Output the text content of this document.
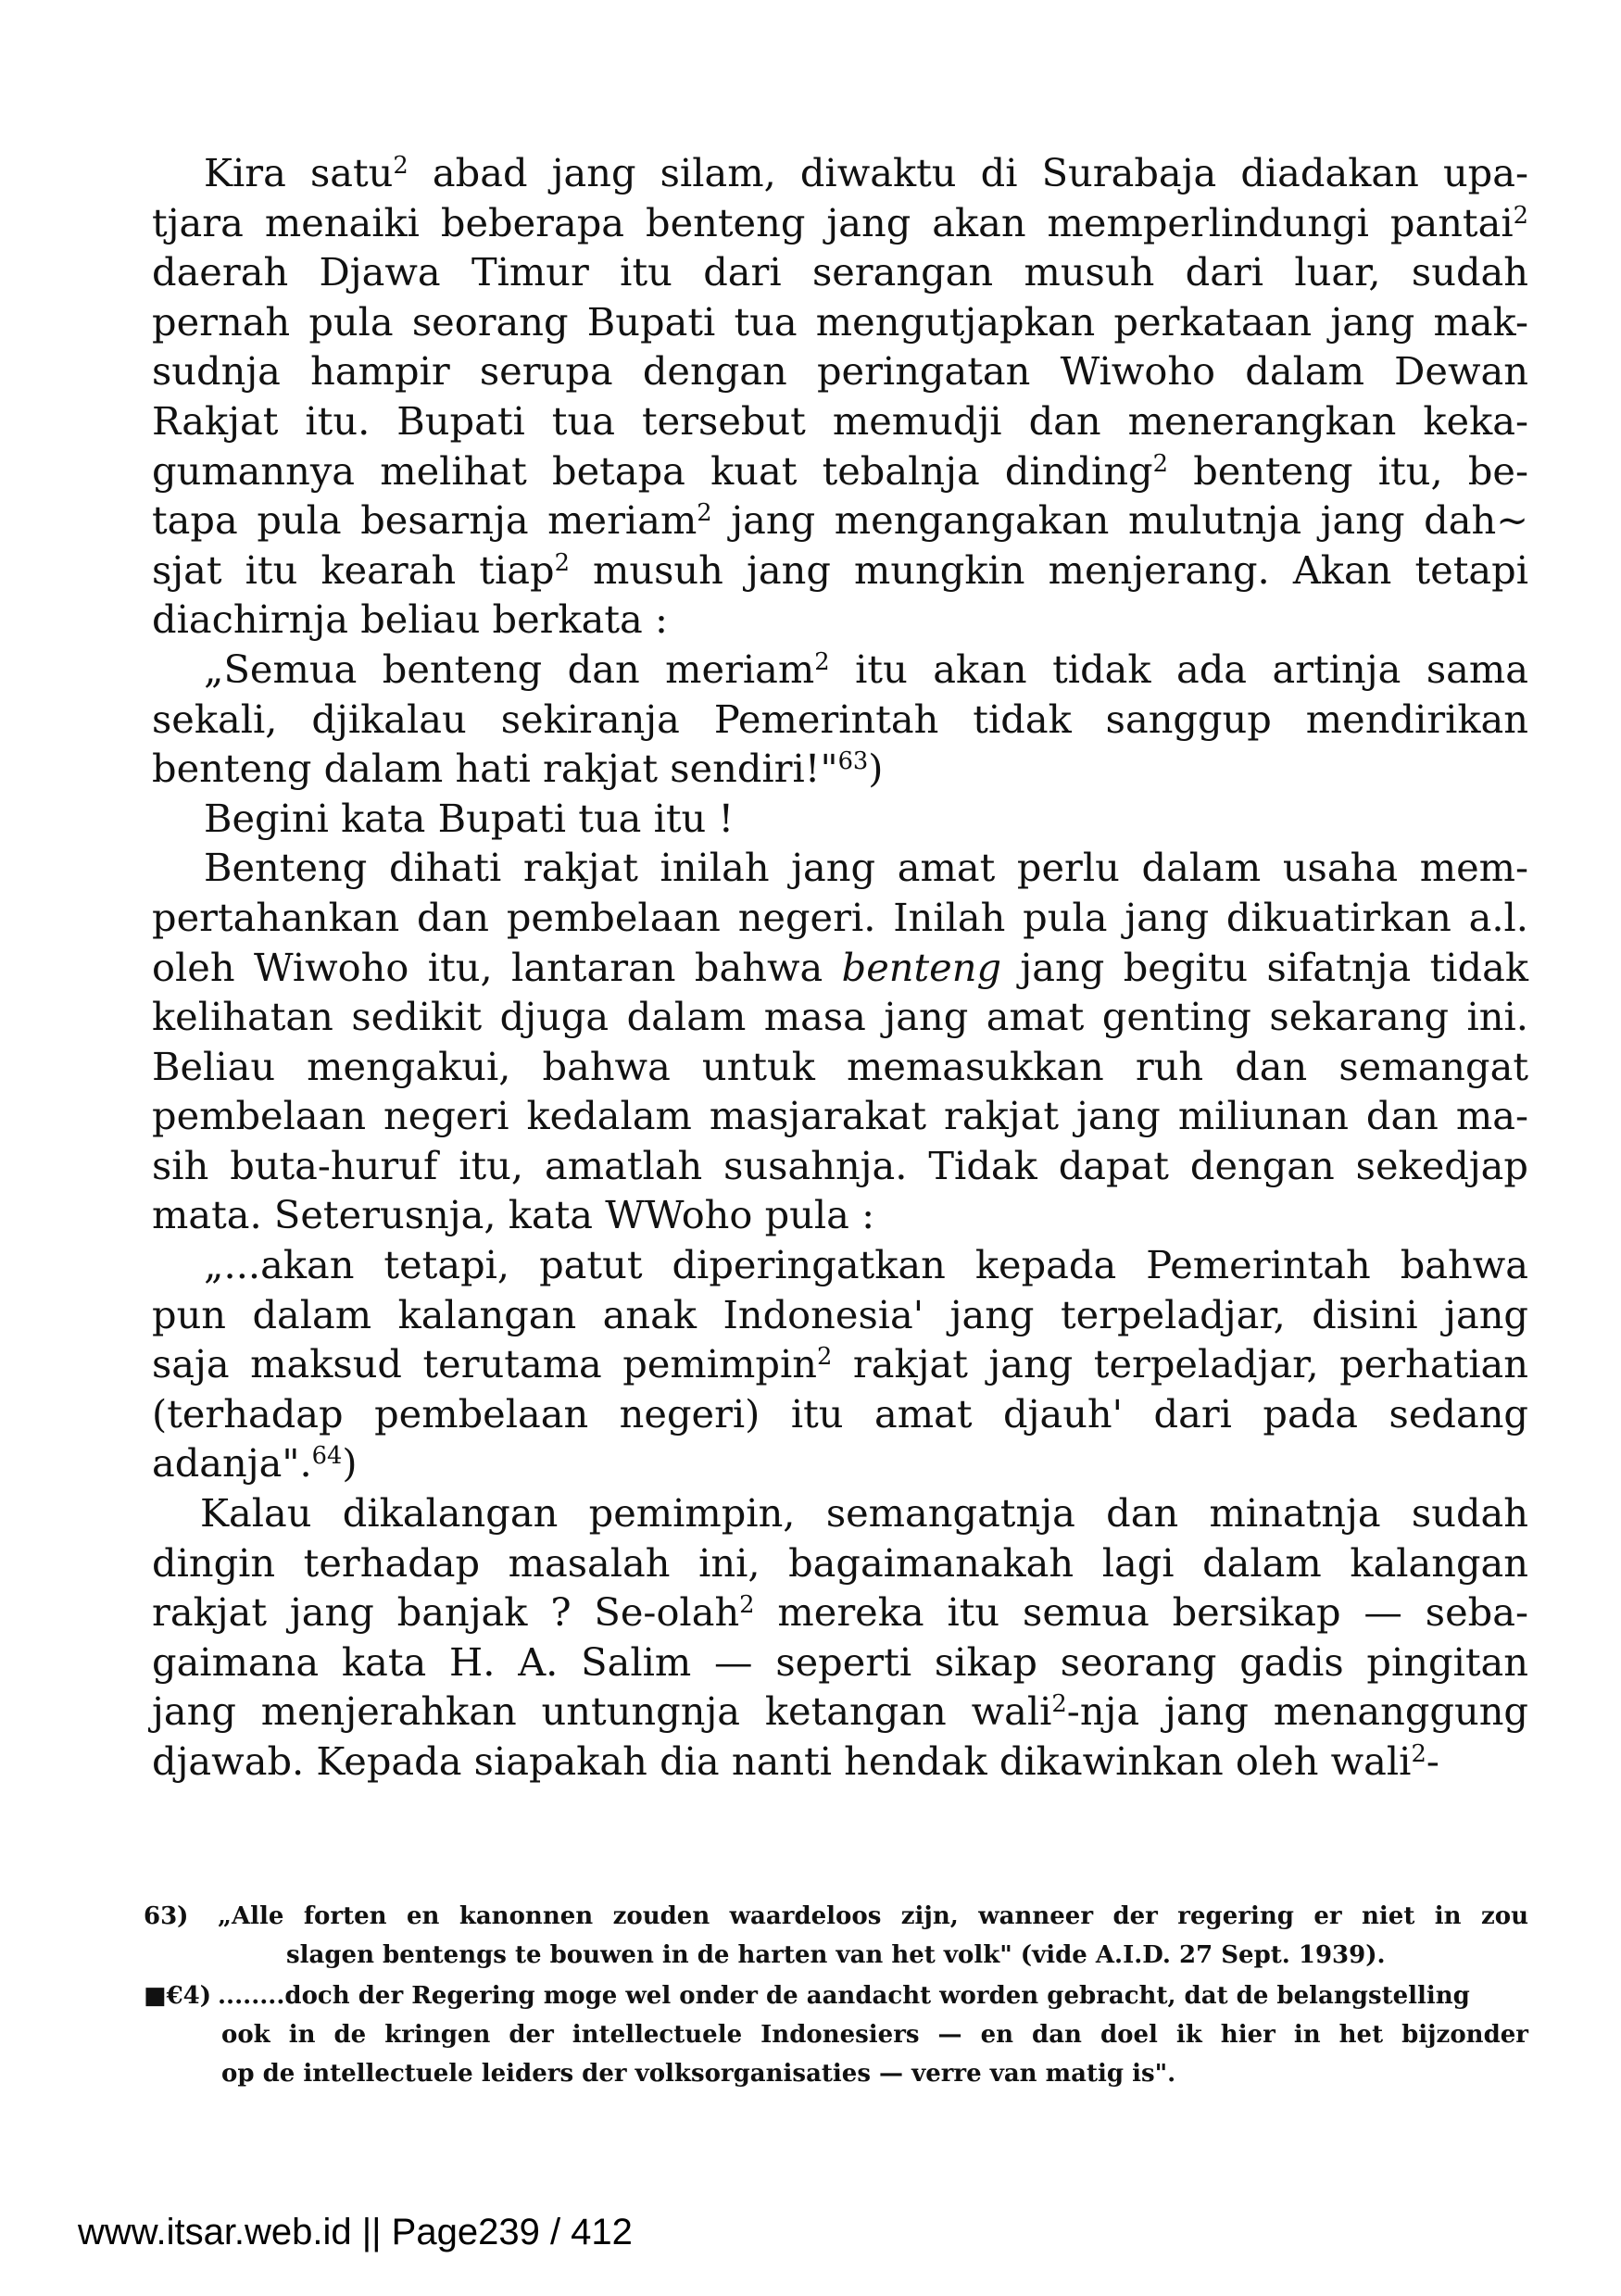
Kira satu$^2$ abad jang silam, diwaktu di Surabaja diadakan upa-

tjara menaiki beberapa benteng jang akan memperlindungi pantai$^2$

daerah Djawa Timur itu dari serangan musuh dari luar, sudah

pernah pula seorang Bupati tua mengutjapkan perkataan jang mak-

sudnja hampir serupa dengan peringatan Wiwoho dalam Dewan

Rakjat itu. Bupati tua tersebut memudji dan menerangkan keka-

gumannya melihat betapa kuat tebalnja dinding$^2$ benteng itu, be-

tapa pula besarnja meriam$^2$ jang mengangakan mulutnja jang dah~

sjat itu kearah tiap$^2$ musuh jang mungkin menjerang. Akan tetapi

diachirnja beliau berkata :

„Semua benteng dan meriam$^2$ itu akan tidak ada artinja sama

sekali, djikalau sekiranja Pemerintah tidak sanggup mendirikan

benteng dalam hati rakjat sendiri!"$^{63}$)

Begini kata Bupati tua itu !

Benteng dihati rakjat inilah jang amat perlu dalam usaha mem-

pertahankan dan pembelaan negeri. Inilah pula jang dikuatirkan a.l.

oleh Wiwoho itu, lantaran bahwa benteng jang begitu sifatnja tidak

kelihatan sedikit djuga dalam masa jang amat genting sekarang ini.

Beliau mengakui, bahwa untuk memasukkan ruh dan semangat

pembelaan negeri kedalam masjarakat rakjat jang miliunan dan ma-

sih buta-huruf itu, amatlah susahnja. Tidak dapat dengan sekedjap

mata. Seterusnja, kata WWoho pula :

„...akan tetapi, patut diperingatkan kepada Pemerintah bahwa

pun dalam kalangan anak Indonesia' jang terpeladjar, disini jang

saja maksud terutama pemimpin$^2$ rakjat jang terpeladjar, perhatian

(terhadap pembelaan negeri) itu amat djauh' dari pada sedang

adanja".$^{64}$)

Kalau dikalangan pemimpin, semangatnja dan minatnja sudah

dingin terhadap masalah ini, bagaimanakah lagi dalam kalangan

rakjat jang banjak ? Se-olah$^2$ mereka itu semua bersikap — seba-

gaimana kata H. A. Salim — seperti sikap seorang gadis pingitan

jang menjerahkan untungnja ketangan wali$^2$-nja jang menanggung

djawab. Kepada siapakah dia nanti hendak dikawinkan oleh wali$^2$-

63)	„Alle forten en kanonnen zouden waardeloos zijn, wanneer der regering er niet in zou
slagen bentengs te bouwen in de harten van het volk" (vide A.I.D. 27 Sept. 1939).
■€4) ........doch der Regering moge wel onder de aandacht worden gebracht, dat de belangstelling
ook in de kringen der intellectuele Indonesiers — en dan doel ik hier in het bijzonder
op de intellectuele leiders der volksorganisaties — verre van matig is".
www.itsar.web.id || Page239 / 412
